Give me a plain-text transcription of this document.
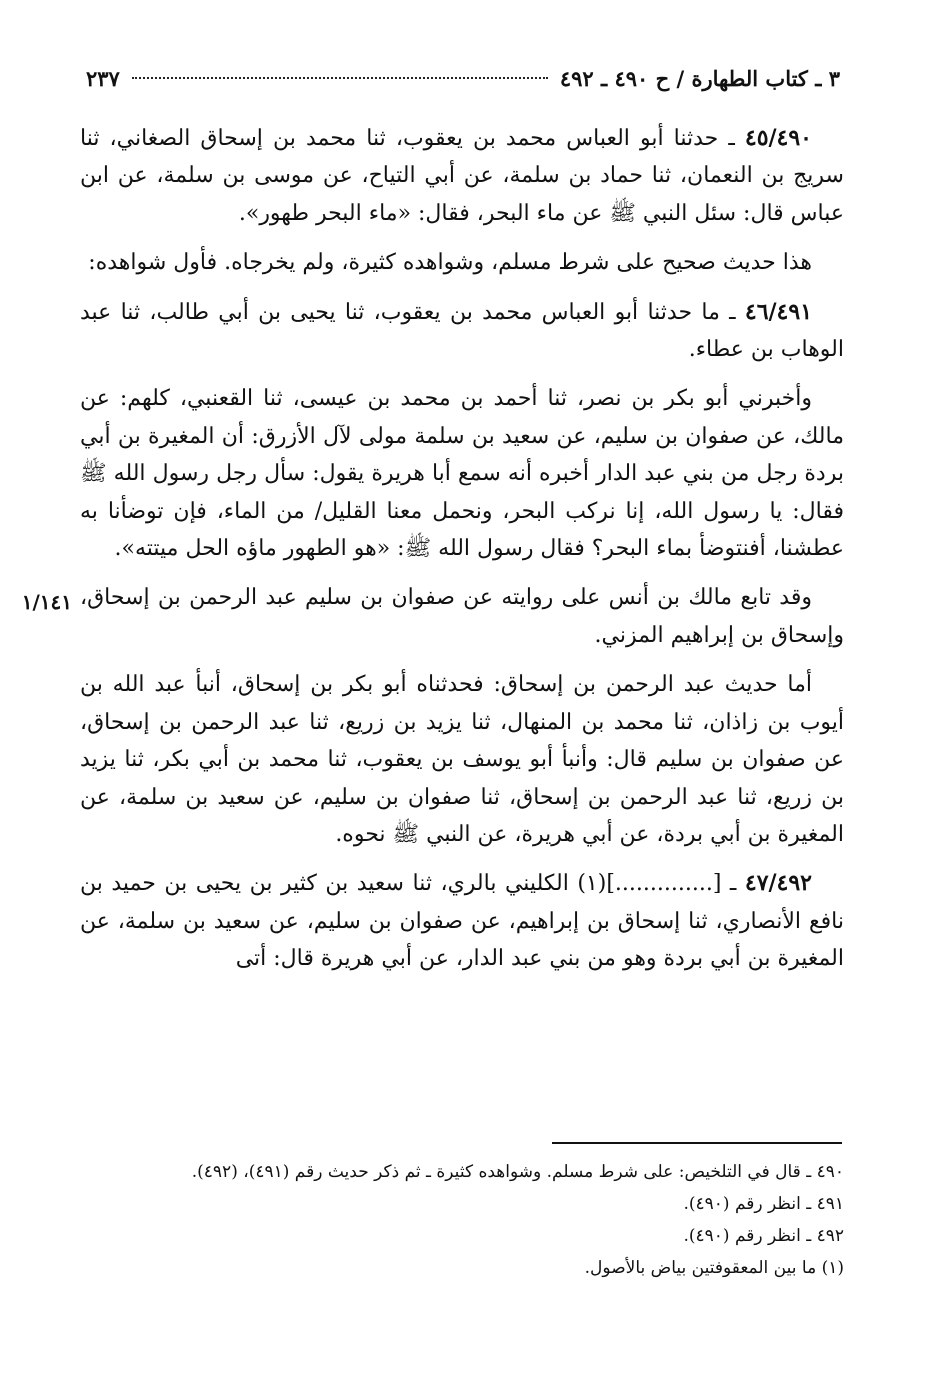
٣ ـ كتاب الطهارة / ح ٤٩٠ ـ ٤٩٢
٢٣٧

٤٥/٤٩٠ ـ حدثنا أبو العباس محمد بن يعقوب، ثنا محمد بن إسحاق الصغاني، ثنا سريج بن النعمان، ثنا حماد بن سلمة، عن أبي التياح، عن موسى بن سلمة، عن ابن عباس قال: سئل النبي ﷺ عن ماء البحر، فقال: «ماء البحر طهور».

هذا حديث صحيح على شرط مسلم، وشواهده كثيرة، ولم يخرجاه. فأول شواهده:

٤٦/٤٩١ ـ ما حدثنا أبو العباس محمد بن يعقوب، ثنا يحيى بن أبي طالب، ثنا عبد الوهاب بن عطاء.

وأخبرني أبو بكر بن نصر، ثنا أحمد بن محمد بن عيسى، ثنا القعنبي، كلهم: عن مالك، عن صفوان بن سليم، عن سعيد بن سلمة مولى لآل الأزرق: أن المغيرة بن أبي بردة رجل من بني عبد الدار أخبره أنه سمع أبا هريرة يقول: سأل رجل رسول الله ﷺ فقال: يا رسول الله، إنا نركب البحر، ونحمل معنا القليل/ من الماء، فإن توضأنا به عطشنا، أفنتوضأ بماء البحر؟ فقال رسول الله ﷺ: «هو الطهور ماؤه الحل ميتته».

وقد تابع مالك بن أنس على روايته عن صفوان بن سليم عبد الرحمن بن إسحاق، وإسحاق بن إبراهيم المزني.

أما حديث عبد الرحمن بن إسحاق: فحدثناه أبو بكر بن إسحاق، أنبأ عبد الله بن أيوب بن زاذان، ثنا محمد بن المنهال، ثنا يزيد بن زريع، ثنا عبد الرحمن بن إسحاق، عن صفوان بن سليم قال: وأنبأ أبو يوسف بن يعقوب، ثنا محمد بن أبي بكر، ثنا يزيد بن زريع، ثنا عبد الرحمن بن إسحاق، ثنا صفوان بن سليم، عن سعيد بن سلمة، عن المغيرة بن أبي بردة، عن أبي هريرة، عن النبي ﷺ نحوه.

٤٧/٤٩٢ ـ [..............](١) الكليني بالري، ثنا سعيد بن كثير بن يحيى بن حميد بن نافع الأنصاري، ثنا إسحاق بن إبراهيم، عن صفوان بن سليم، عن سعيد بن سلمة، عن المغيرة بن أبي بردة وهو من بني عبد الدار، عن أبي هريرة قال: أتى

١/١٤١

٤٩٠ ـ قال في التلخيص: على شرط مسلم. وشواهده كثيرة ـ ثم ذكر حديث رقم (٤٩١)، (٤٩٢).

٤٩١ ـ انظر رقم (٤٩٠).

٤٩٢ ـ انظر رقم (٤٩٠).

(١) ما بين المعقوفتين بياض بالأصول.
